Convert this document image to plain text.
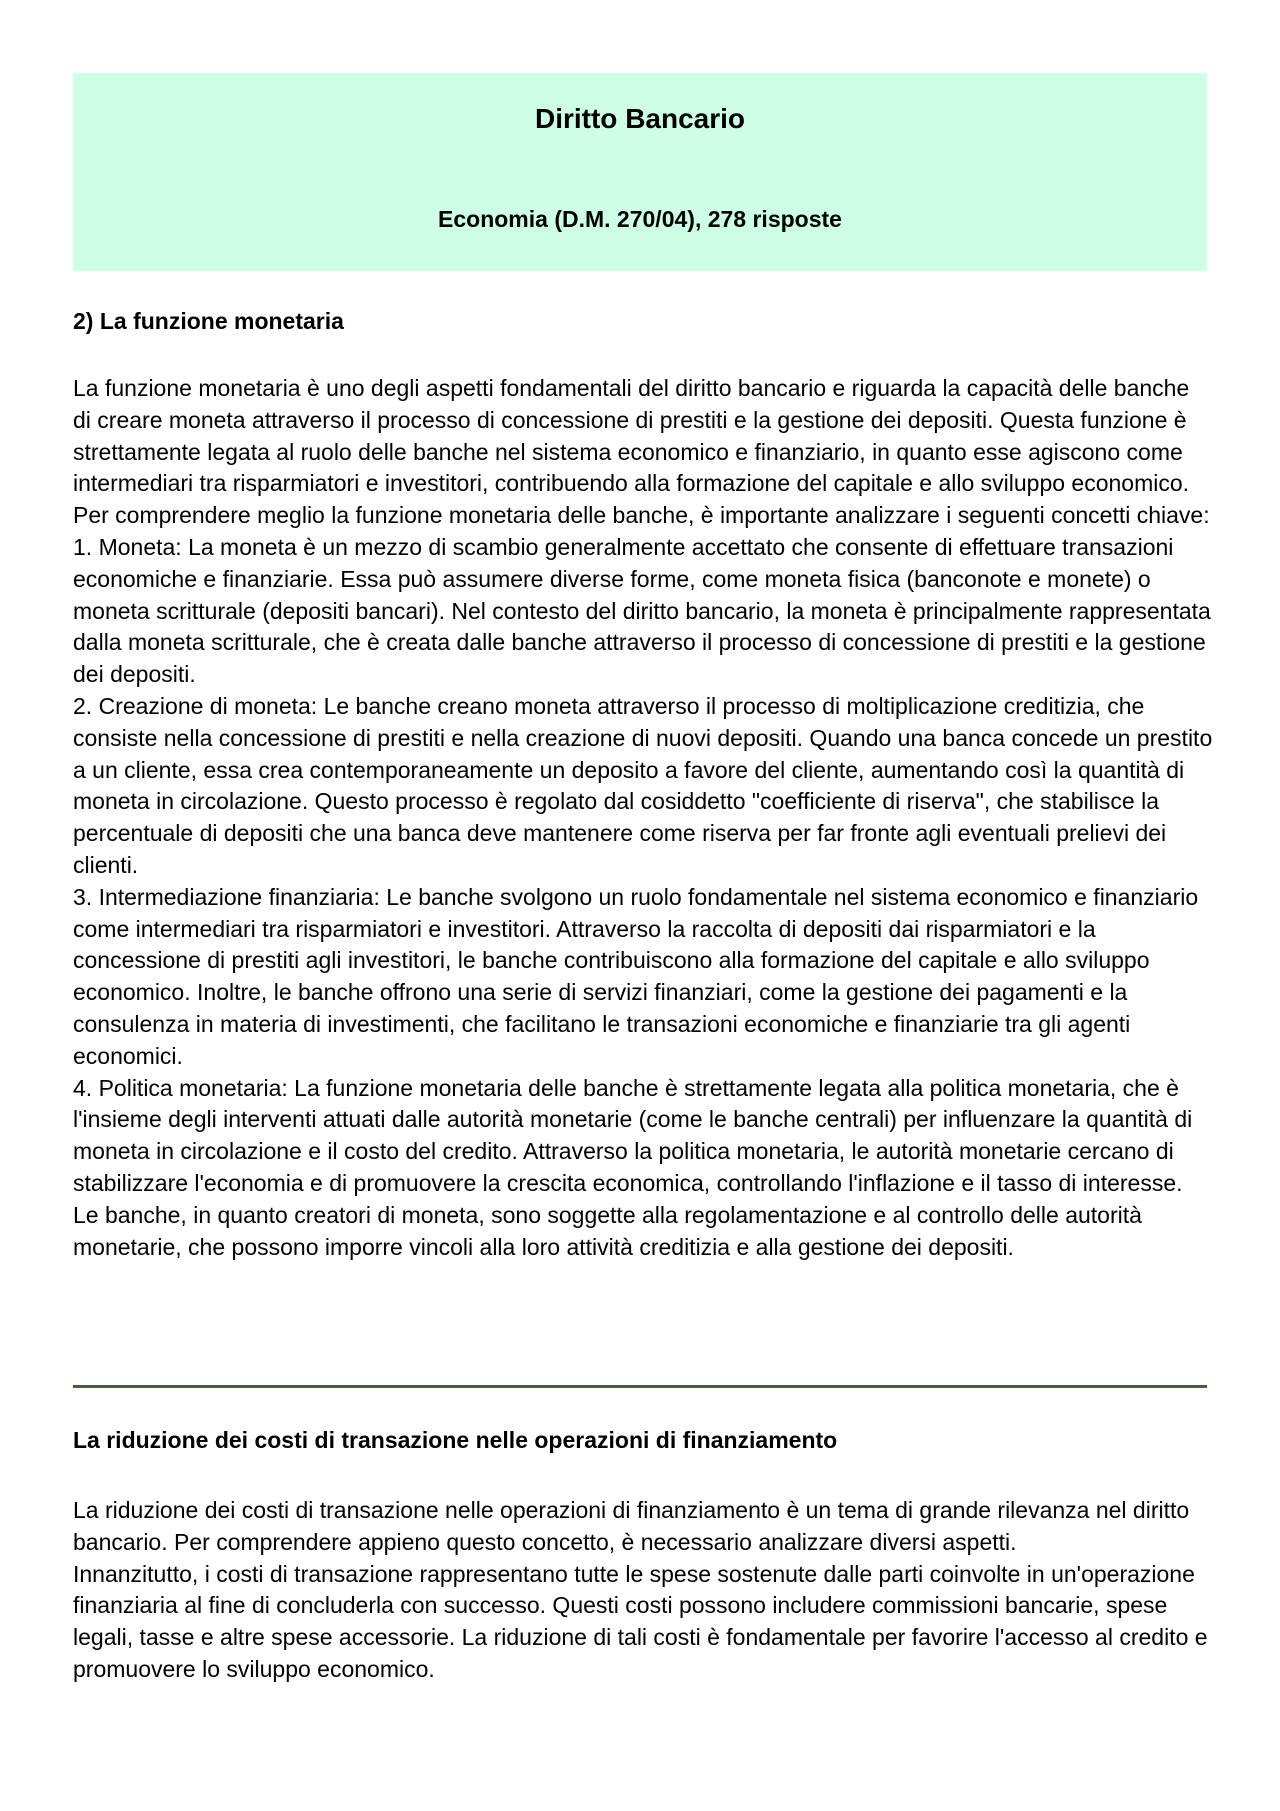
Diritto Bancario
Economia (D.M. 270/04), 278 risposte
2) La funzione monetaria

La funzione monetaria è uno degli aspetti fondamentali del diritto bancario e riguarda la capacità delle banche di creare moneta attraverso il processo di concessione di prestiti e la gestione dei depositi. Questa funzione è strettamente legata al ruolo delle banche nel sistema economico e finanziario, in quanto esse agiscono come intermediari tra risparmiatori e investitori, contribuendo alla formazione del capitale e allo sviluppo economico.

Per comprendere meglio la funzione monetaria delle banche, è importante analizzare i seguenti concetti chiave:

1. Moneta: La moneta è un mezzo di scambio generalmente accettato che consente di effettuare transazioni economiche e finanziarie. Essa può assumere diverse forme, come moneta fisica (banconote e monete) o moneta scritturale (depositi bancari). Nel contesto del diritto bancario, la moneta è principalmente rappresentata dalla moneta scritturale, che è creata dalle banche attraverso il processo di concessione di prestiti e la gestione dei depositi.

2. Creazione di moneta: Le banche creano moneta attraverso il processo di moltiplicazione creditizia, che consiste nella concessione di prestiti e nella creazione di nuovi depositi. Quando una banca concede un prestito a un cliente, essa crea contemporaneamente un deposito a favore del cliente, aumentando così la quantità di moneta in circolazione. Questo processo è regolato dal cosiddetto "coefficiente di riserva", che stabilisce la percentuale di depositi che una banca deve mantenere come riserva per far fronte agli eventuali prelievi dei clienti.

3. Intermediazione finanziaria: Le banche svolgono un ruolo fondamentale nel sistema economico e finanziario come intermediari tra risparmiatori e investitori. Attraverso la raccolta di depositi dai risparmiatori e la concessione di prestiti agli investitori, le banche contribuiscono alla formazione del capitale e allo sviluppo economico. Inoltre, le banche offrono una serie di servizi finanziari, come la gestione dei pagamenti e la consulenza in materia di investimenti, che facilitano le transazioni economiche e finanziarie tra gli agenti economici.

4. Politica monetaria: La funzione monetaria delle banche è strettamente legata alla politica monetaria, che è l'insieme degli interventi attuati dalle autorità monetarie (come le banche centrali) per influenzare la quantità di moneta in circolazione e il costo del credito. Attraverso la politica monetaria, le autorità monetarie cercano di stabilizzare l'economia e di promuovere la crescita economica, controllando l'inflazione e il tasso di interesse. Le banche, in quanto creatori di moneta, sono soggette alla regolamentazione e al controllo delle autorità monetarie, che possono imporre vincoli alla loro attività creditizia e alla gestione dei depositi.

La riduzione dei costi di transazione nelle operazioni di finanziamento

La riduzione dei costi di transazione nelle operazioni di finanziamento è un tema di grande rilevanza nel diritto bancario. Per comprendere appieno questo concetto, è necessario analizzare diversi aspetti.

Innanzitutto, i costi di transazione rappresentano tutte le spese sostenute dalle parti coinvolte in un'operazione finanziaria al fine di concluderla con successo. Questi costi possono includere commissioni bancarie, spese legali, tasse e altre spese accessorie. La riduzione di tali costi è fondamentale per favorire l'accesso al credito e promuovere lo sviluppo economico.
